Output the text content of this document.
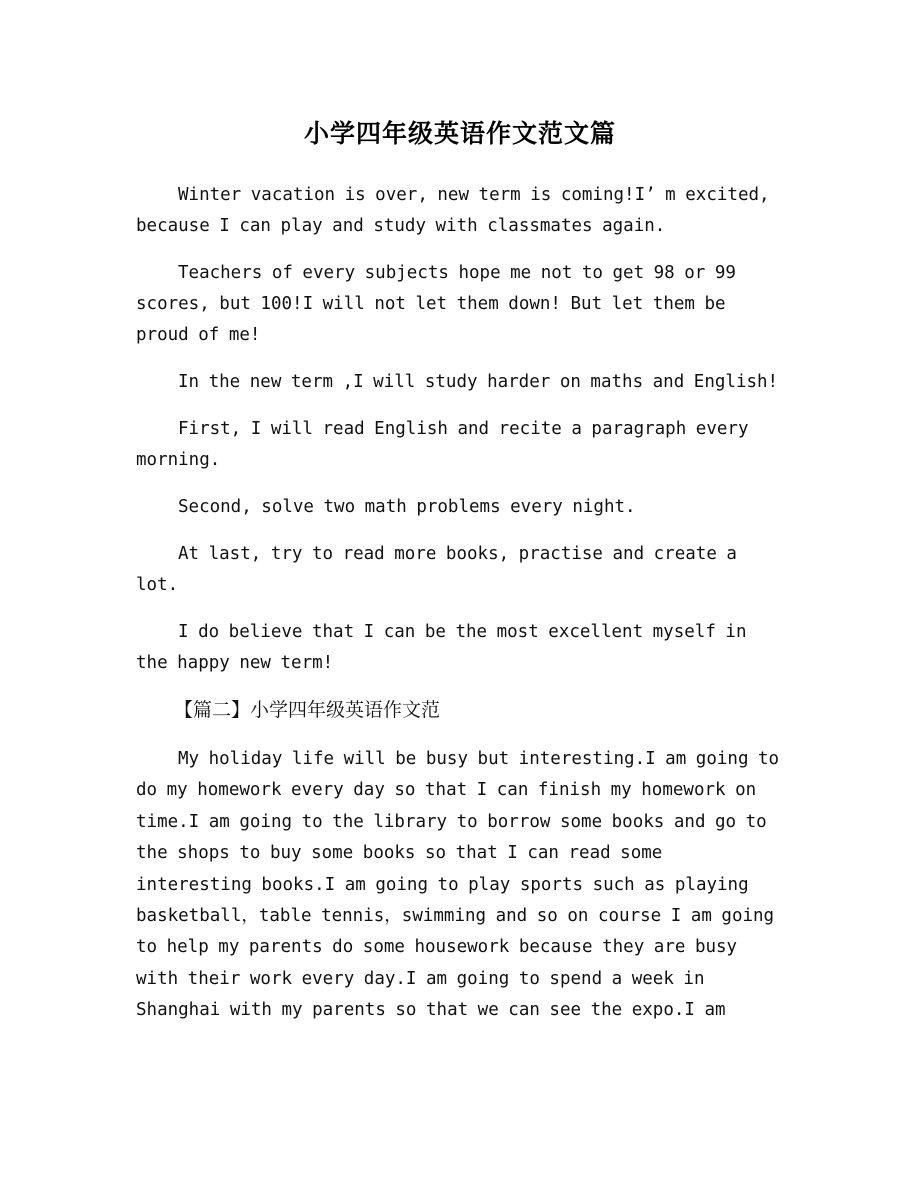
小学四年级英语作文范文篇

Winter vacation is over, new term is coming!I’ m excited, because I can play and study with classmates again.

Teachers of every subjects hope me not to get 98 or 99 scores, but 100!I will not let them down! But let them be proud of me!

In the new term ,I will study harder on maths and English!

First, I will read English and recite a paragraph every morning.

Second, solve two math problems every night.

At last, try to read more books, practise and create a lot.

I do believe that I can be the most excellent myself in the happy new term!

【篇二】小学四年级英语作文范

My holiday life will be busy but interesting.I am going to do my homework every day so that I can finish my homework on time.I am going to the library to borrow some books and go to the shops to buy some books so that I can read some interesting books.I am going to play sports such as playing basketball，table tennis，swimming and so on course I am going to help my parents do some housework because they are busy with their work every day.I am going to spend a week in Shanghai with my parents so that we can see the expo.I am
